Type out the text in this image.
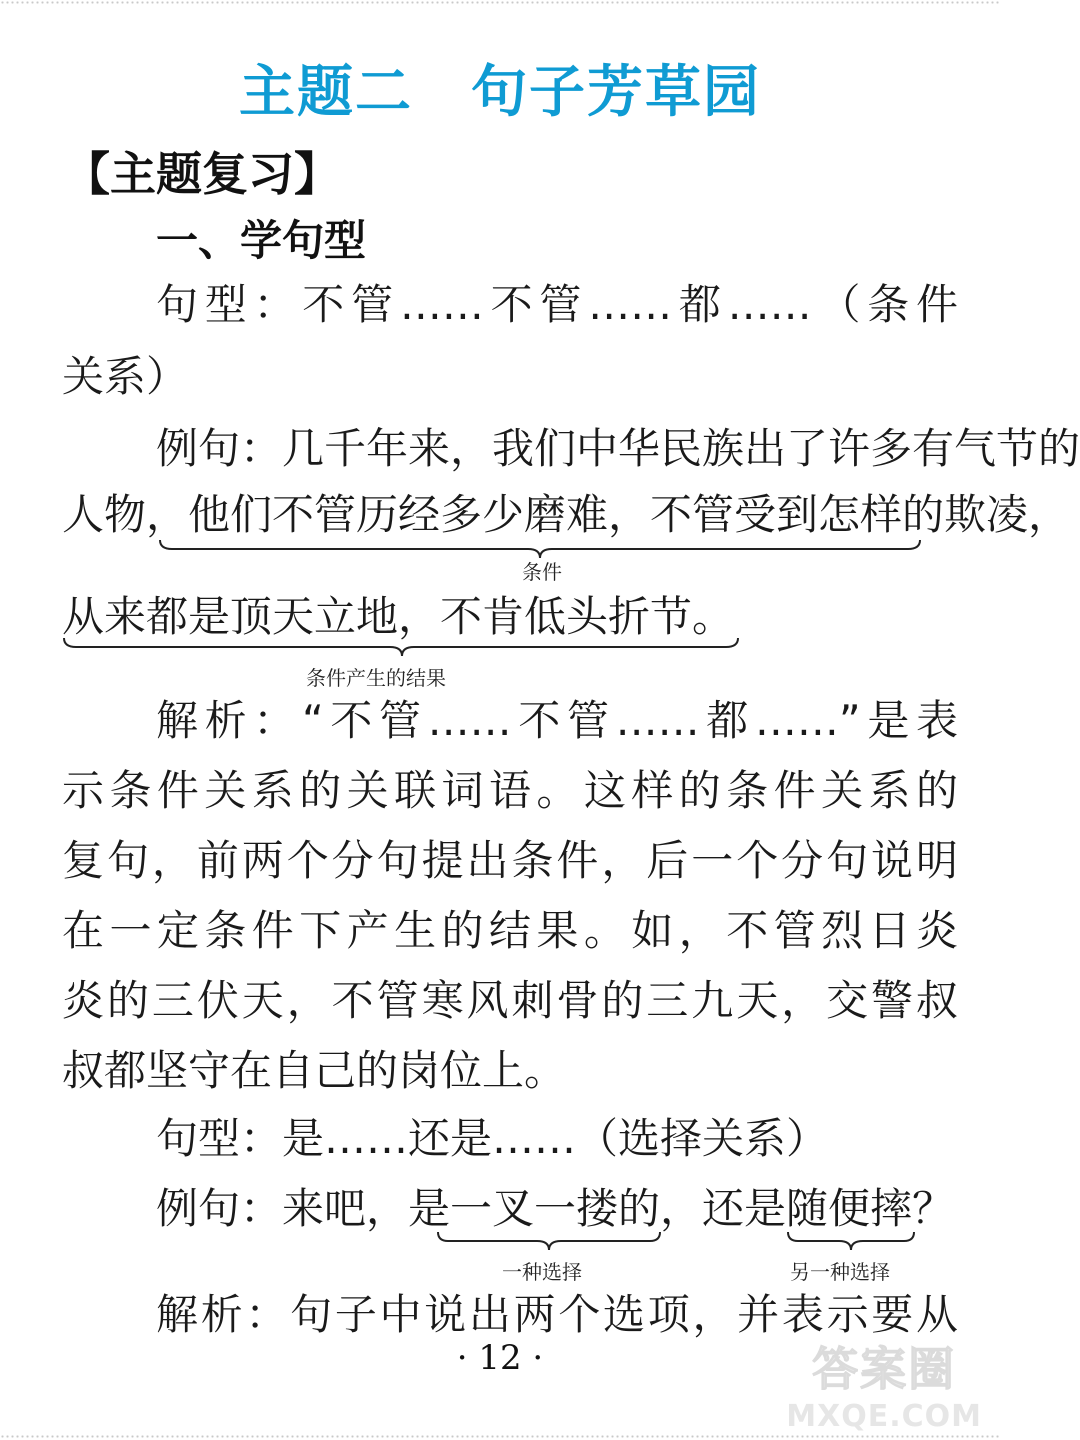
主题二　句子芳草园
【主题复习】
一、学句型
句型：不管……不管……都……（条件
关系）
例句：几千年来，我们中华民族出了许多有气节的
人物，他们不管历经多少磨难，不管受到怎样的欺凌，
条件
从来都是顶天立地，不肯低头折节。
条件产生的结果
解析：“不管……不管……都……”是表
示条件关系的关联词语。这样的条件关系的
复句，前两个分句提出条件，后一个分句说明
在一定条件下产生的结果。如，不管烈日炎
炎的三伏天，不管寒风刺骨的三九天，交警叔
叔都坚守在自己的岗位上。
句型：是……还是……（选择关系）
例句：来吧，是一叉一搂的，还是随便摔？
一种选择	另一种选择
解析：句子中说出两个选项，并表示要从
· 12 ·	答案圈
MXQE.COM
